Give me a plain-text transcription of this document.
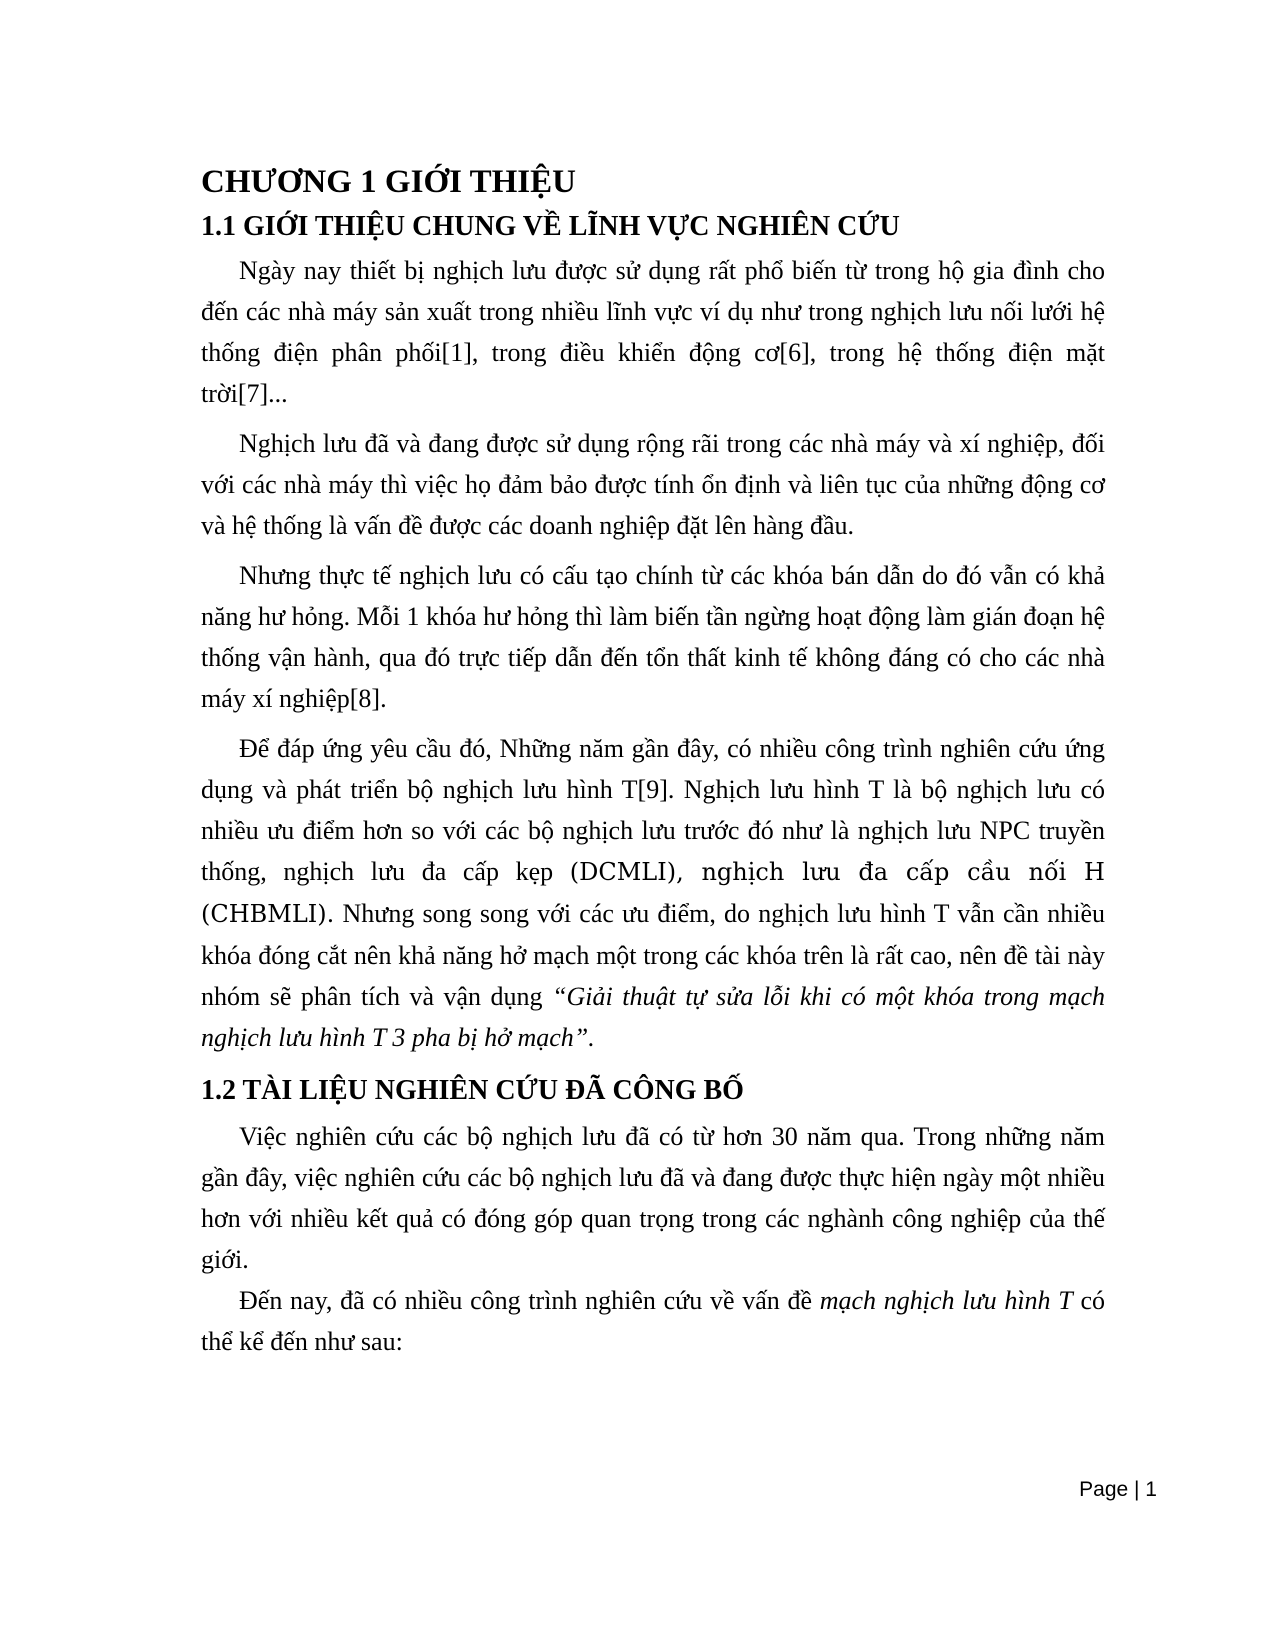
CHƯƠNG 1 GIỚI THIỆU
1.1 GIỚI THIỆU CHUNG VỀ LĨNH VỰC NGHIÊN CỨU

Ngày nay thiết bị nghịch lưu được sử dụng rất phổ biến từ trong hộ gia đình cho đến các nhà máy sản xuất trong nhiều lĩnh vực ví dụ như trong nghịch lưu nối lưới hệ thống điện phân phối[1], trong điều khiển động cơ[6], trong hệ thống điện mặt trời[7]...

Nghịch lưu đã và đang được sử dụng rộng rãi trong các nhà máy và xí nghiệp, đối với các nhà máy thì việc họ đảm bảo được tính ổn định và liên tục của những động cơ và hệ thống là vấn đề được các doanh nghiệp đặt lên hàng đầu.

Nhưng thực tế nghịch lưu có cấu tạo chính từ các khóa bán dẫn do đó vẫn có khả năng hư hỏng. Mỗi 1 khóa hư hỏng thì làm biến tần ngừng hoạt động làm gián đoạn hệ thống vận hành, qua đó trực tiếp dẫn đến tổn thất kinh tế không đáng có cho các nhà máy xí nghiệp[8].

Để đáp ứng yêu cầu đó, Những năm gần đây, có nhiều công trình nghiên cứu ứng dụng và phát triển bộ nghịch lưu hình T[9]. Nghịch lưu hình T là bộ nghịch lưu có nhiều ưu điểm hơn so với các bộ nghịch lưu trước đó như là nghịch lưu NPC truyền thống, nghịch lưu đa cấp kẹp (DCMLI), nghịch lưu đa cấp cầu nối H (CHBMLI). Nhưng song song với các ưu điểm, do nghịch lưu hình T vẫn cần nhiều khóa đóng cắt nên khả năng hở mạch một trong các khóa trên là rất cao, nên đề tài này nhóm sẽ phân tích và vận dụng “Giải thuật tự sửa lỗi khi có một khóa trong mạch nghịch lưu hình T 3 pha bị hở mạch”.

1.2 TÀI LIỆU NGHIÊN CỨU ĐÃ CÔNG BỐ

Việc nghiên cứu các bộ nghịch lưu đã có từ hơn 30 năm qua. Trong những năm gần đây, việc nghiên cứu các bộ nghịch lưu đã và đang được thực hiện ngày một nhiều hơn với nhiều kết quả có đóng góp quan trọng trong các nghành công nghiệp của thế giới.

Đến nay, đã có nhiều công trình nghiên cứu về vấn đề mạch nghịch lưu hình T có thể kể đến như sau:

Page | 1
